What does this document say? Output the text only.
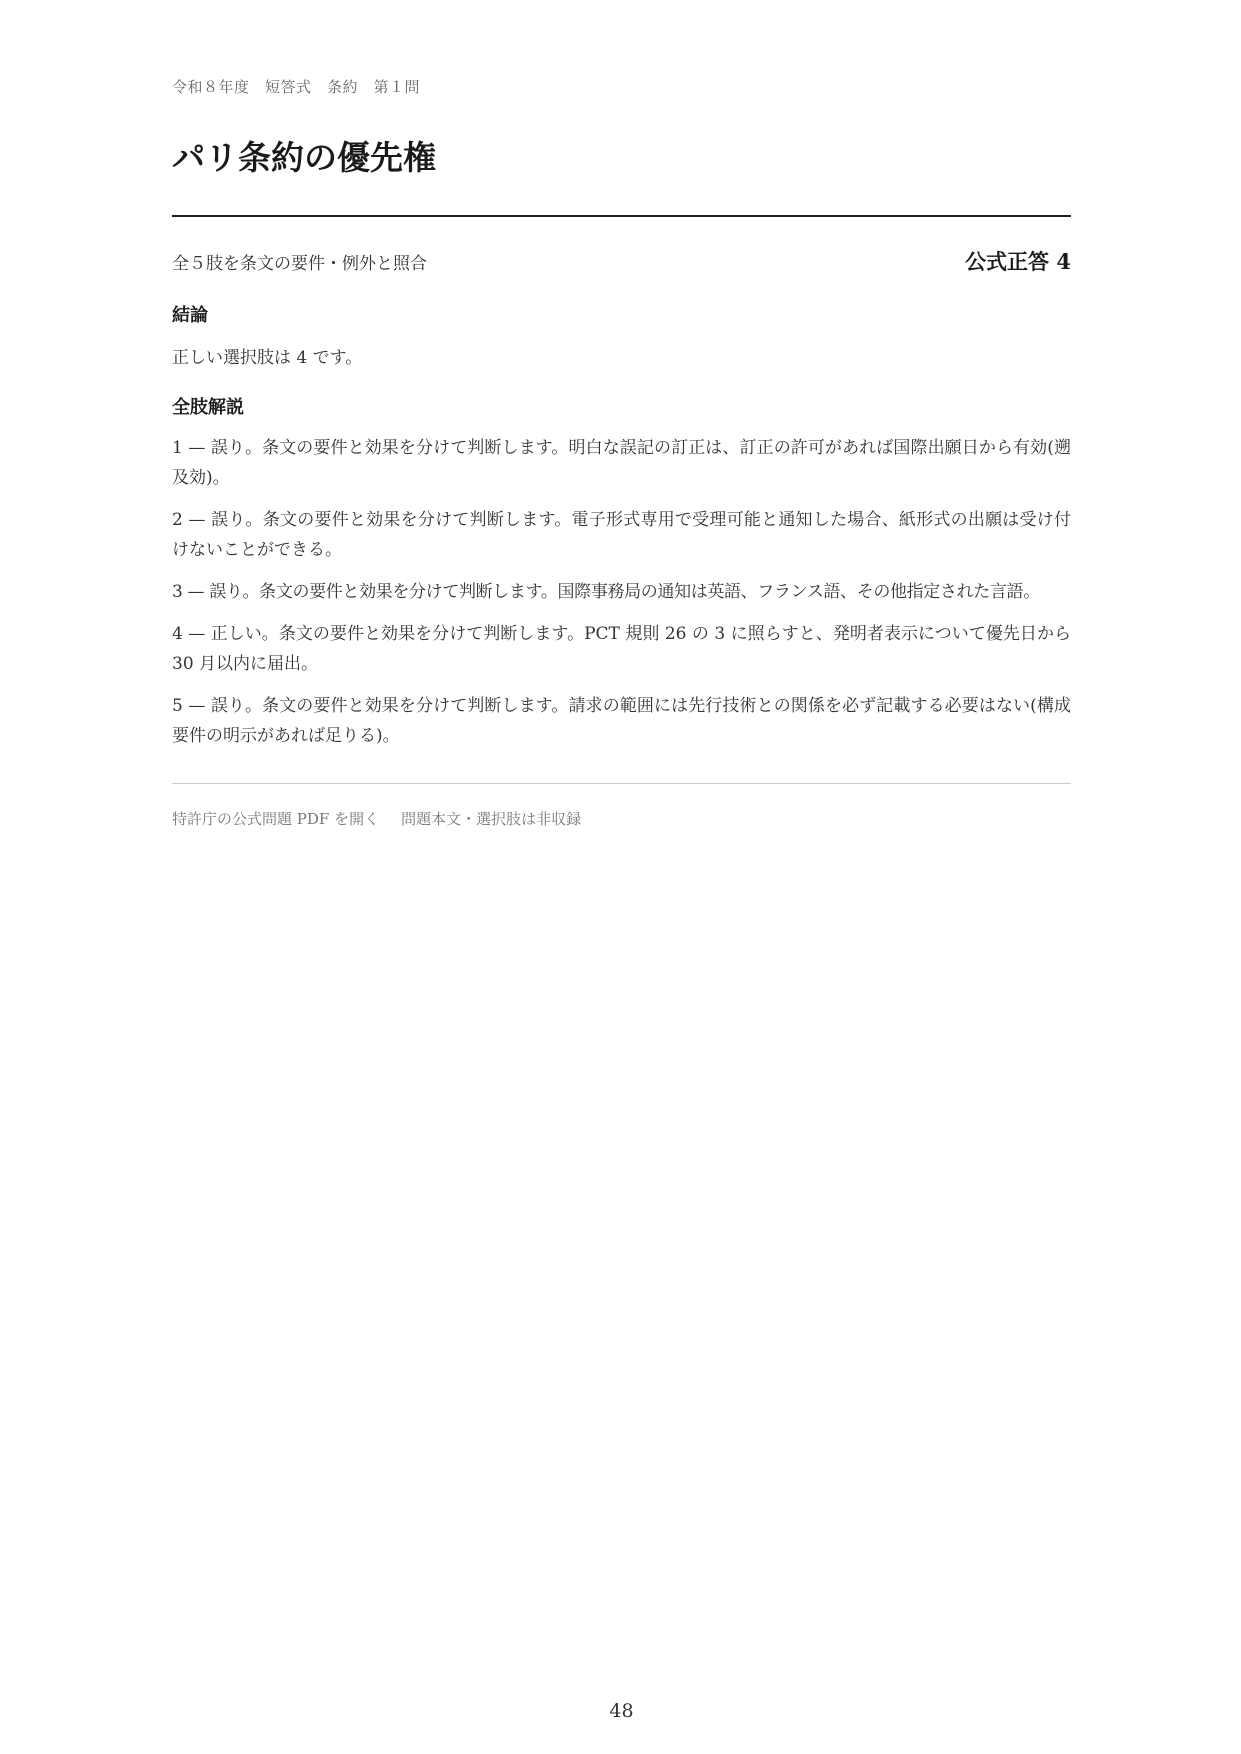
令和８年度　短答式　条約　第１問
パリ条約の優先権
全５肢を条文の要件・例外と照合	公式正答 4
結論
正しい選択肢は 4 です。
全肢解説
1 — 誤り。条文の要件と効果を分けて判断します。明白な誤記の訂正は、訂正の許可があれば国際出願日から有効(遡及効)。
2 — 誤り。条文の要件と効果を分けて判断します。電子形式専用で受理可能と通知した場合、紙形式の出願は受け付けないことができる。
3 — 誤り。条文の要件と効果を分けて判断します。国際事務局の通知は英語、フランス語、その他指定された言語。
4 — 正しい。条文の要件と効果を分けて判断します。PCT 規則 26 の 3 に照らすと、発明者表示について優先日から 30 月以内に届出。
5 — 誤り。条文の要件と効果を分けて判断します。請求の範囲には先行技術との関係を必ず記載する必要はない(構成要件の明示があれば足りる)。
特許庁の公式問題 PDF を開く 問題本文・選択肢は非収録
48
